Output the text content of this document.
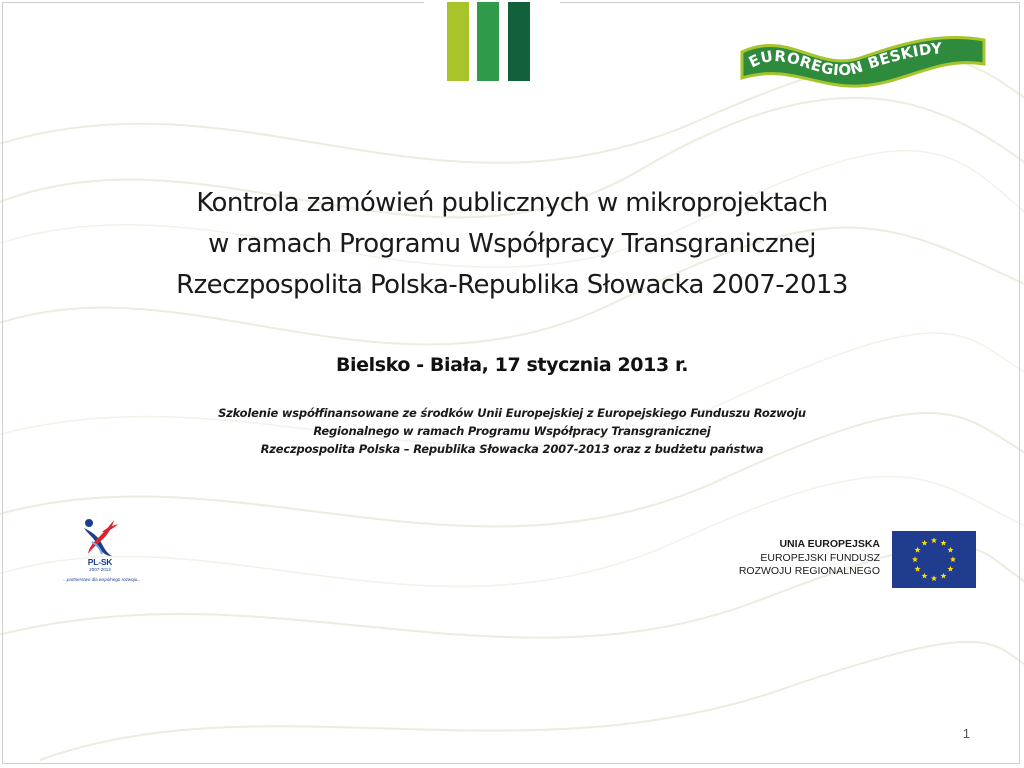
EUROREGION BESKIDY
Kontrola zamówień publicznych w mikroprojektach
w ramach Programu Współpracy Transgranicznej
Rzeczpospolita Polska-Republika Słowacka 2007-2013
Bielsko - Biała, 17 stycznia 2013 r.
Szkolenie współfinansowane ze środków Unii Europejskiej z Europejskiego Funduszu Rozwoju
Regionalnego w ramach Programu Współpracy Transgranicznej
Rzeczpospolita Polska – Republika Słowacka 2007-2013 oraz z budżetu państwa
PL-SK
2007-2013
...partnerstwo dla wspólnego rozwoju...
UNIA EUROPEJSKA
EUROPEJSKI FUNDUSZ
ROZWOJU REGIONALNEGO
1
